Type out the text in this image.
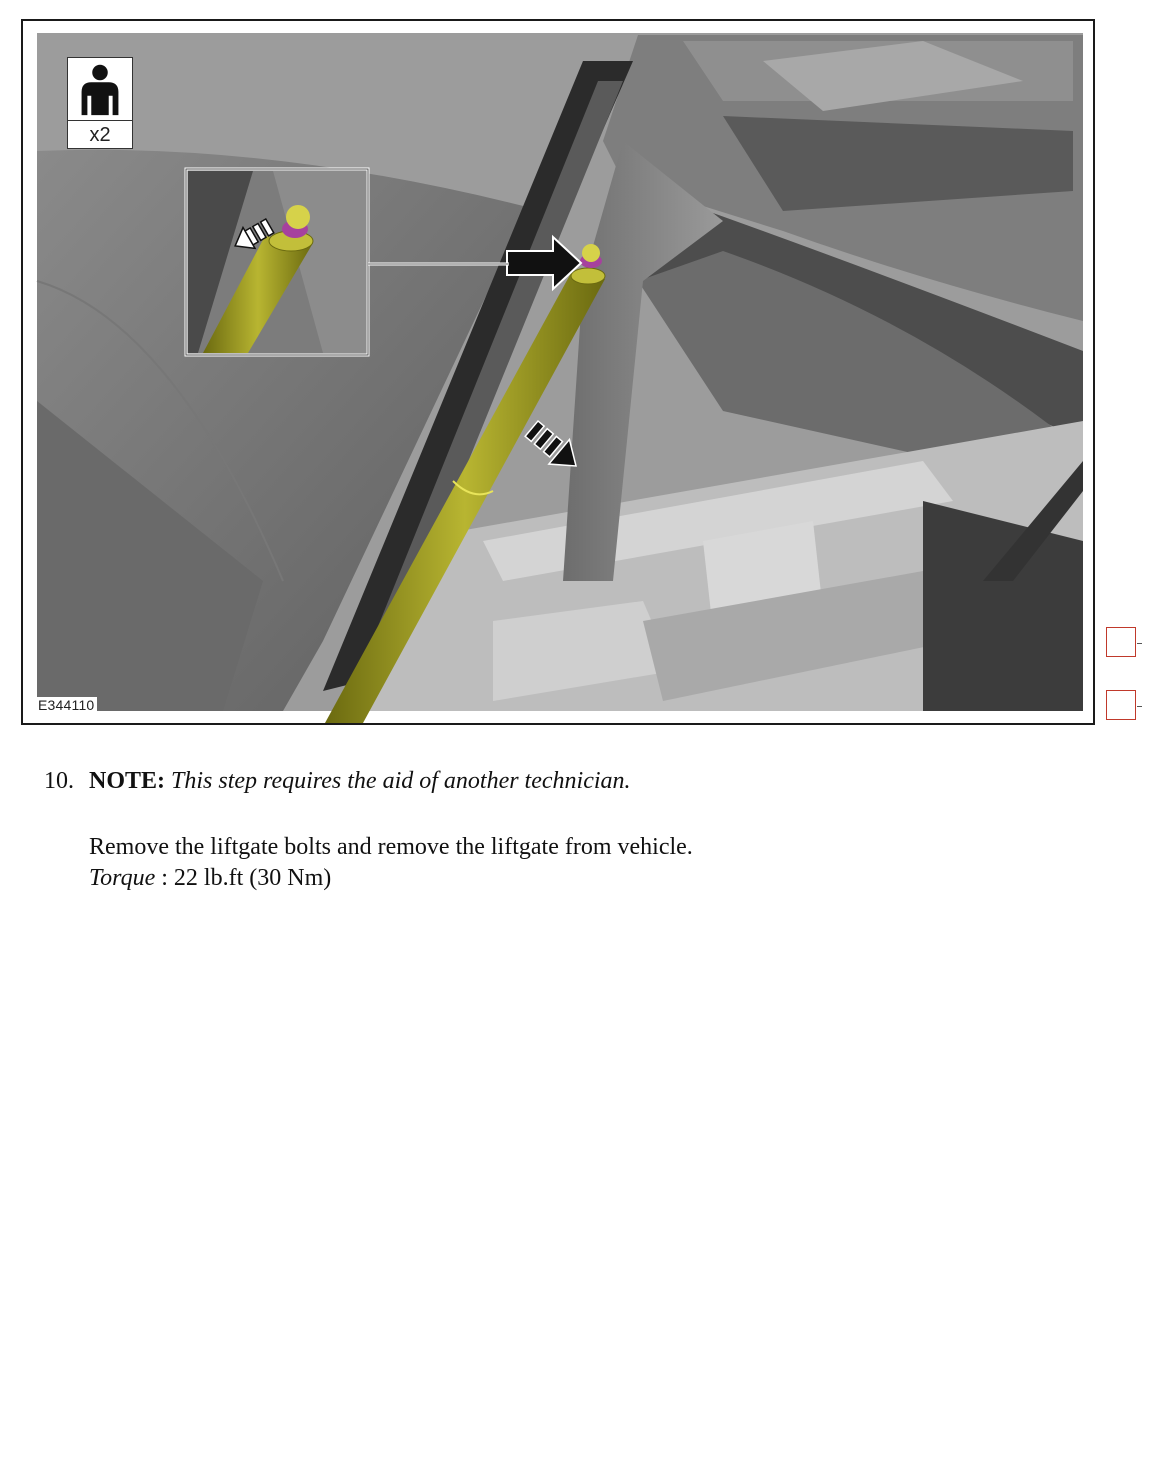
x2
E344110
10. NOTE: This step requires the aid of another technician.
Remove the liftgate bolts and remove the liftgate from vehicle.
Torque : 22 lb.ft (30 Nm)
